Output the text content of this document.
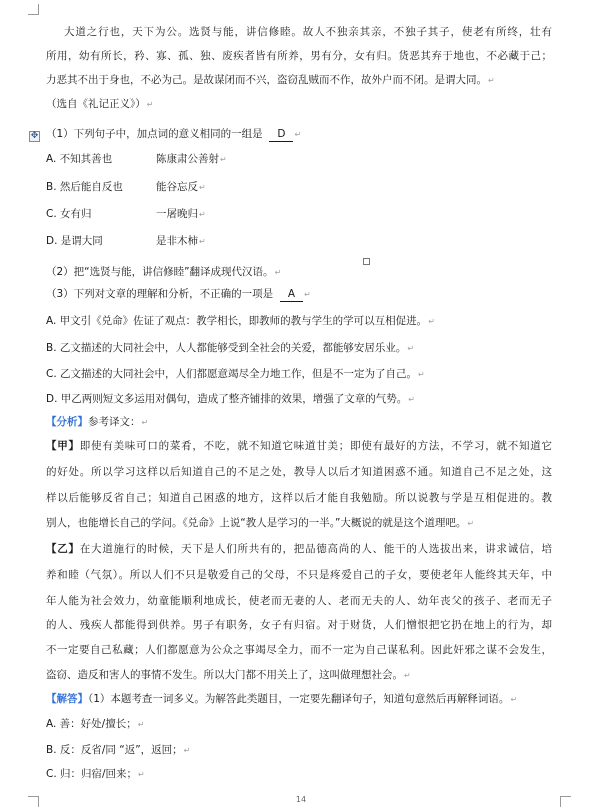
✥
大道之行也，天下为公。选贤与能，讲信修睦。故人不独亲其亲，不独子其子，使老有所终，壮有
所用，幼有所长，矜、寡、孤、独、废疾者皆有所养，男有分，女有归。货恶其弃于地也，不必藏于己；
力恶其不出于身也，不必为己。是故谋闭而不兴，盗窃乱贼而不作，故外户而不闭。是谓大同。↵
（选自《礼记正义》）↵
（1）下列句子中，加点词的意义相同的一组是 D ↵
A. 不知其善也	陈康肃公善射↵
B. 然后能自反也	能谷忘反↵
C. 女有归	一屠晚归↵
D. 是谓大同	是非木柿↵
（2）把“选贤与能，讲信修睦”翻译成现代汉语。↵
（3）下列对文章的理解和分析，不正确的一项是 A ↵
A. 甲文引《兑命》佐证了观点：教学相长，即教师的教与学生的学可以互相促进。↵
B. 乙文描述的大同社会中，人人都能够受到全社会的关爱，都能够安居乐业。↵
C. 乙文描述的大同社会中，人们都愿意竭尽全力地工作，但是不一定为了自己。↵
D. 甲乙两则短文多运用对偶句，造成了整齐铺排的效果，增强了文章的气势。↵
【分析】参考译文：↵
【甲】即使有美味可口的菜肴，不吃，就不知道它味道甘美；即使有最好的方法，不学习，就不知道它
的好处。所以学习这样以后知道自己的不足之处，教导人以后才知道困惑不通。知道自己不足之处，这
样以后能够反省自己；知道自己困惑的地方，这样以后才能自我勉励。所以说教与学是互相促进的。教
别人，也能增长自己的学问。《兑命》上说“教人是学习的一半。”大概说的就是这个道理吧。↵
【乙】在大道施行的时候，天下是人们所共有的，把品德高尚的人、能干的人选拔出来，讲求诚信，培
养和睦（气氛）。所以人们不只是敬爱自己的父母，不只是疼爱自己的子女，要使老年人能终其天年，中
年人能为社会效力，幼童能顺利地成长，使老而无妻的人、老而无夫的人、幼年丧父的孩子、老而无子
的人、残疾人都能得到供养。男子有职务，女子有归宿。对于财货，人们憎恨把它扔在地上的行为，却
不一定要自己私藏；人们都愿意为公众之事竭尽全力，而不一定为自己谋私利。因此奸邪之谋不会发生，
盗窃、造反和害人的事情不发生。所以大门都不用关上了，这叫做理想社会。↵
【解答】（1）本题考查一词多义。为解答此类题目，一定要先翻译句子，知道句意然后再解释词语。↵
A. 善：好处/擅长；↵
B. 反：反省/同 “返”，返回；↵
C. 归：归宿/回来；↵
14
